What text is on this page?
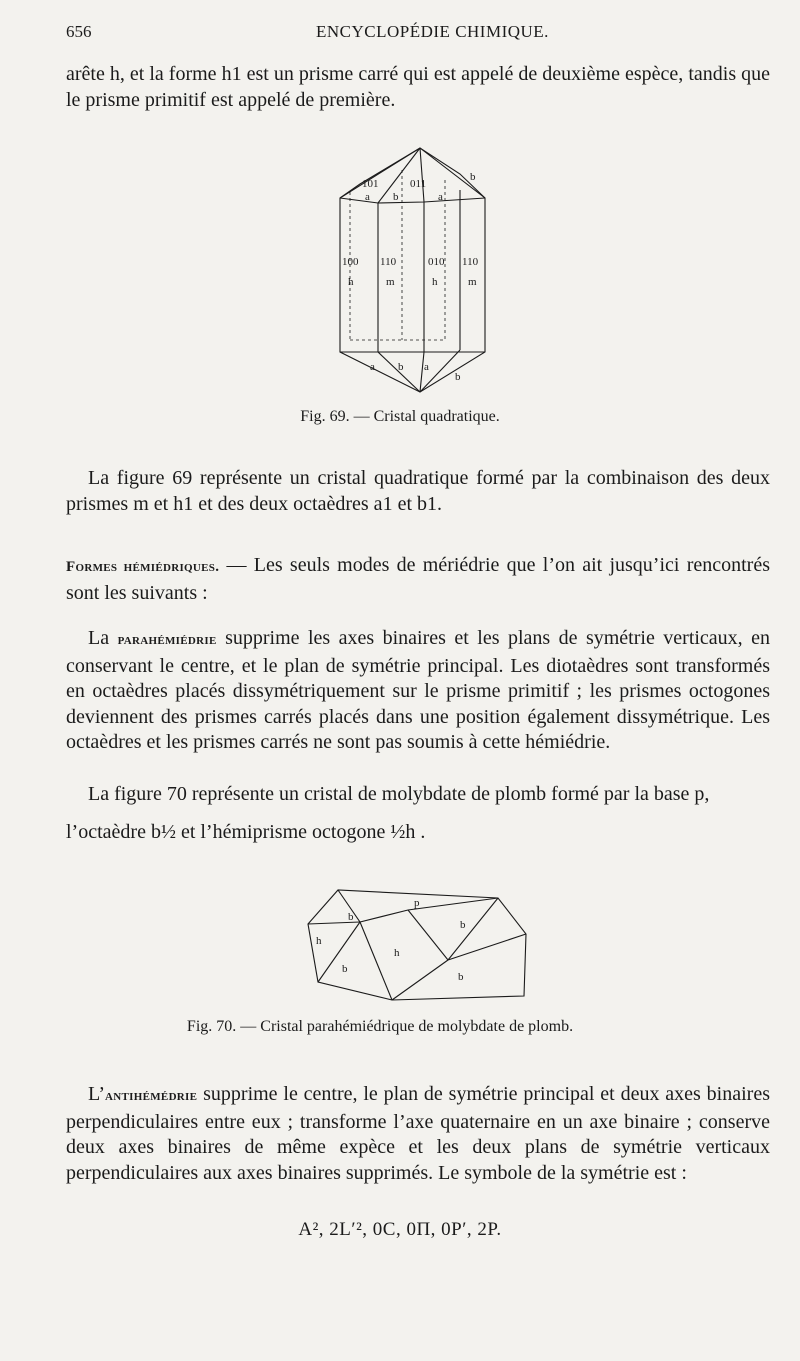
656	ENCYCLOPÉDIE CHIMIQUE.
arête h, et la forme h1 est un prisme carré qui est appelé de deuxième espèce, tandis que le prisme primitif est appelé de première.
101	011
b
a b	a
100 110	010 110
h	m	h	m
a b a
b
Fig. 69. — Cristal quadratique.
La figure 69 représente un cristal quadratique formé par la combinaison des deux prismes m et h1 et des deux octaèdres a1 et b1.
Formes hémiédriques. — Les seuls modes de mériédrie que l’on ait jusqu’ici rencontrés sont les suivants :
La parahémiédrie supprime les axes binaires et les plans de symétrie verticaux, en conservant le centre, et le plan de symétrie principal. Les diotaèdres sont transformés en octaèdres placés dissymétriquement sur le prisme primitif ; les prismes octogones deviennent des prismes carrés placés dans une position également dissymétrique. Les octaèdres et les prismes carrés ne sont pas soumis à cette hémiédrie.
La figure 70 représente un cristal de molybdate de plomb formé par la base p,
l’octaèdre b½ et l’hémiprisme octogone ½h .
p
b
b
h
h
b
b
Fig. 70. — Cristal parahémiédrique de molybdate de plomb.
L’antihémédrie supprime le centre, le plan de symétrie principal et deux axes binaires perpendiculaires entre eux ; transforme l’axe quaternaire en un axe binaire ; conserve deux axes binaires de même expèce et les deux plans de symétrie verticaux perpendiculaires aux axes binaires supprimés. Le symbole de la symétrie est :
A², 2L′², 0C, 0Π, 0P′, 2P.
